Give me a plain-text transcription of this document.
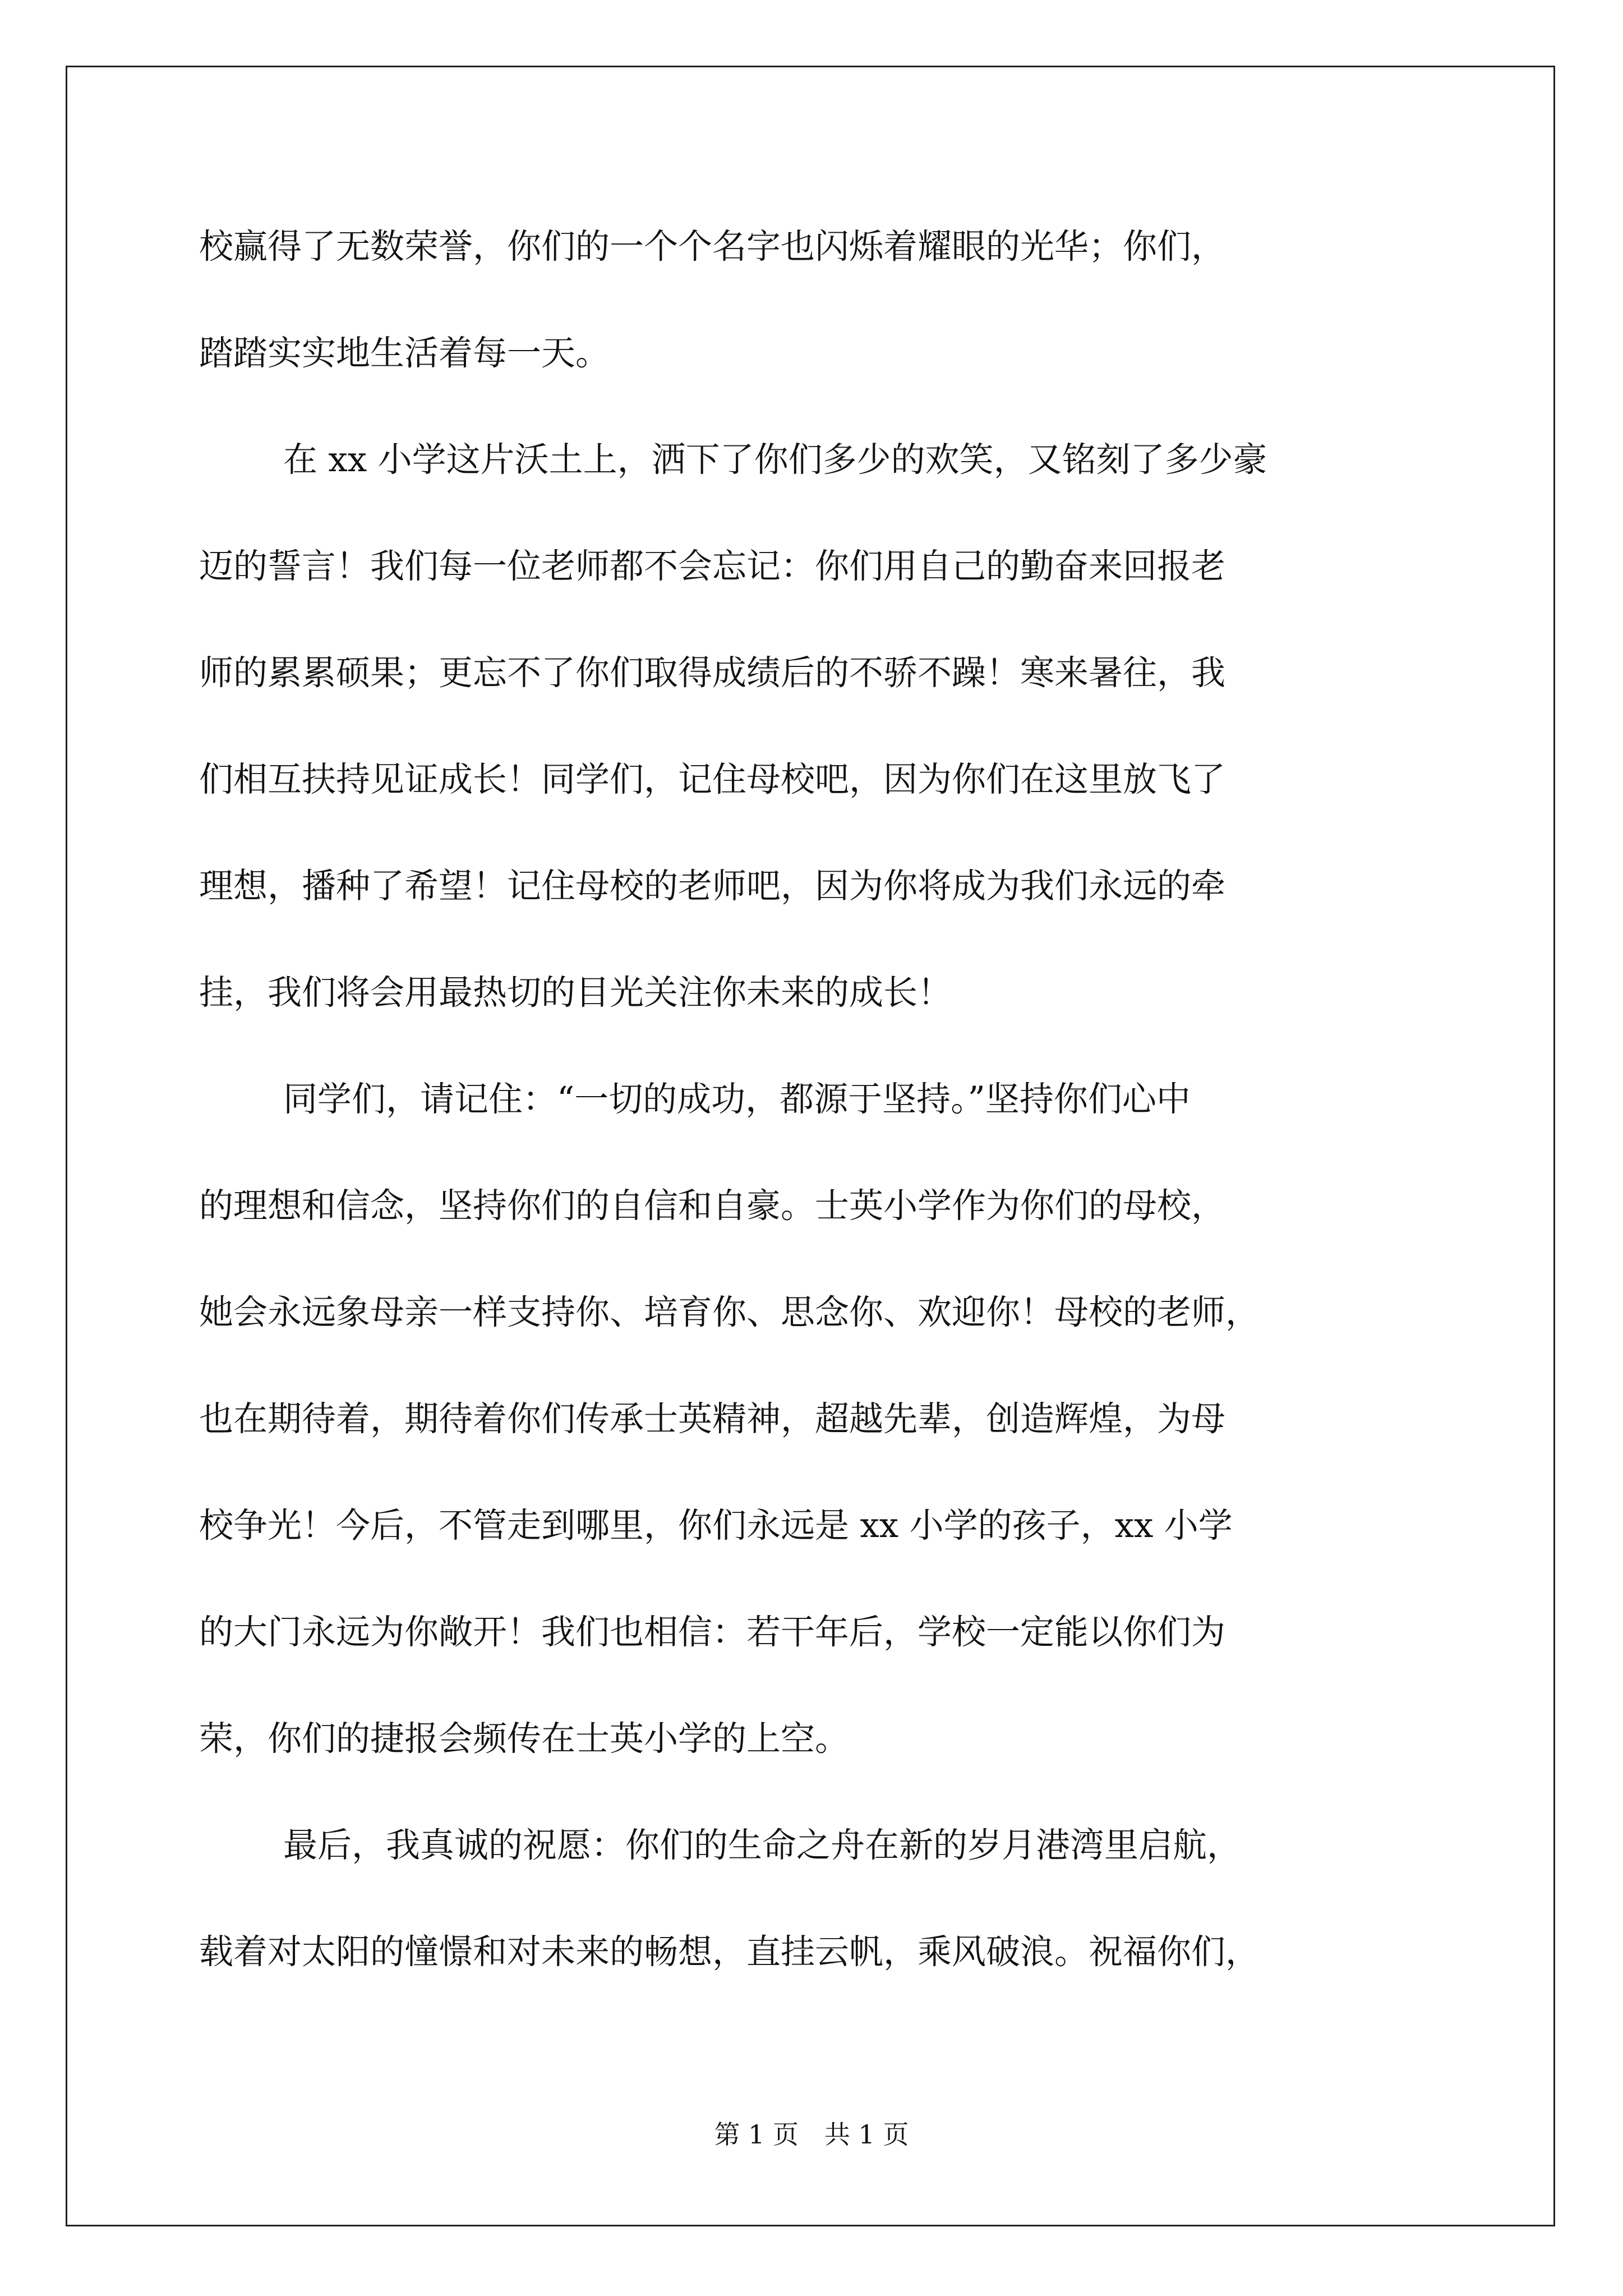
校赢得了无数荣誉，你们的一个个名字也闪烁着耀眼的光华；你们，
踏踏实实地生活着每一天。
在 xx 小学这片沃土上，洒下了你们多少的欢笑，又铭刻了多少豪
迈的誓言！我们每一位老师都不会忘记：你们用自己的勤奋来回报老
师的累累硕果；更忘不了你们取得成绩后的不骄不躁！寒来暑往，我
们相互扶持见证成长！同学们，记住母校吧，因为你们在这里放飞了
理想，播种了希望！记住母校的老师吧，因为你将成为我们永远的牵
挂，我们将会用最热切的目光关注你未来的成长！
同学们，请记住：“一切的成功，都源于坚持。”坚持你们心中
的理想和信念，坚持你们的自信和自豪。士英小学作为你们的母校，
她会永远象母亲一样支持你、培育你、思念你、欢迎你！母校的老师，
也在期待着，期待着你们传承士英精神，超越先辈，创造辉煌，为母
校争光！今后，不管走到哪里，你们永远是 xx 小学的孩子，xx 小学
的大门永远为你敞开！我们也相信：若干年后，学校一定能以你们为
荣，你们的捷报会频传在士英小学的上空。
最后，我真诚的祝愿：你们的生命之舟在新的岁月港湾里启航，
载着对太阳的憧憬和对未来的畅想，直挂云帆，乘风破浪。祝福你们，
第 1 页　共 1 页
